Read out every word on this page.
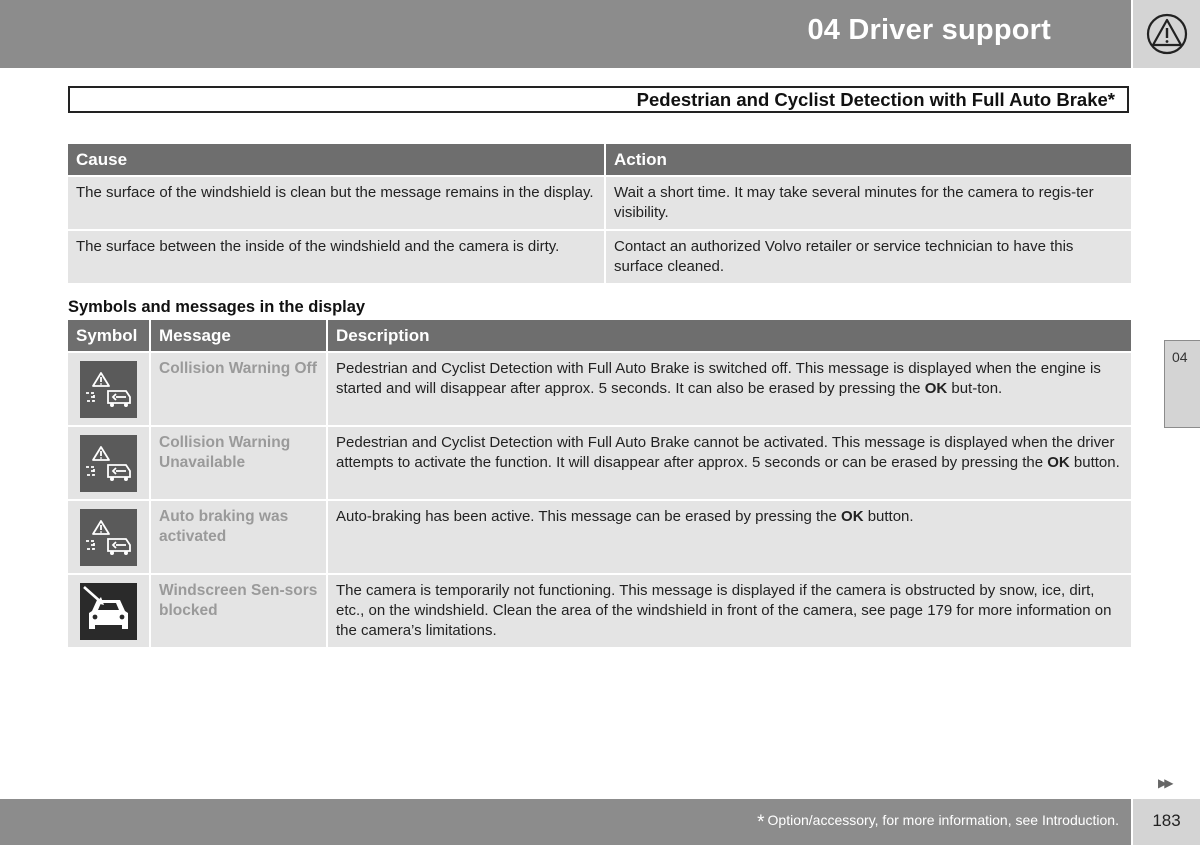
04 Driver support
Pedestrian and Cyclist Detection with Full Auto Brake*
Cause	Action
The surface of the windshield is clean but the message remains in the display.	Wait a short time. It may take several minutes for the camera to regis-ter visibility.
The surface between the inside of the windshield and the camera is dirty.	Contact an authorized Volvo retailer or service technician to have this surface cleaned.
Symbols and messages in the display
Symbol	Message	Description

	Collision Warning Off	Pedestrian and Cyclist Detection with Full Auto Brake is switched off. This message is displayed when the engine is started and will disappear after approx. 5 seconds. It can also be erased by pressing the OK but-ton.

	Collision Warning Unavailable	Pedestrian and Cyclist Detection with Full Auto Brake cannot be activated. This message is displayed when the driver attempts to activate the function. It will disappear after approx. 5 seconds or can be erased by pressing the OK button.

	Auto braking was activated	Auto-braking has been active. This message can be erased by pressing the OK button.

	Windscreen Sen-sors blocked	The camera is temporarily not functioning. This message is displayed if the camera is obstructed by snow, ice, dirt, etc., on the windshield. Clean the area of the windshield in front of the camera, see page 179 for more information on the camera’s limitations.
04
▶▶
* Option/accessory, for more information, see Introduction.	183
